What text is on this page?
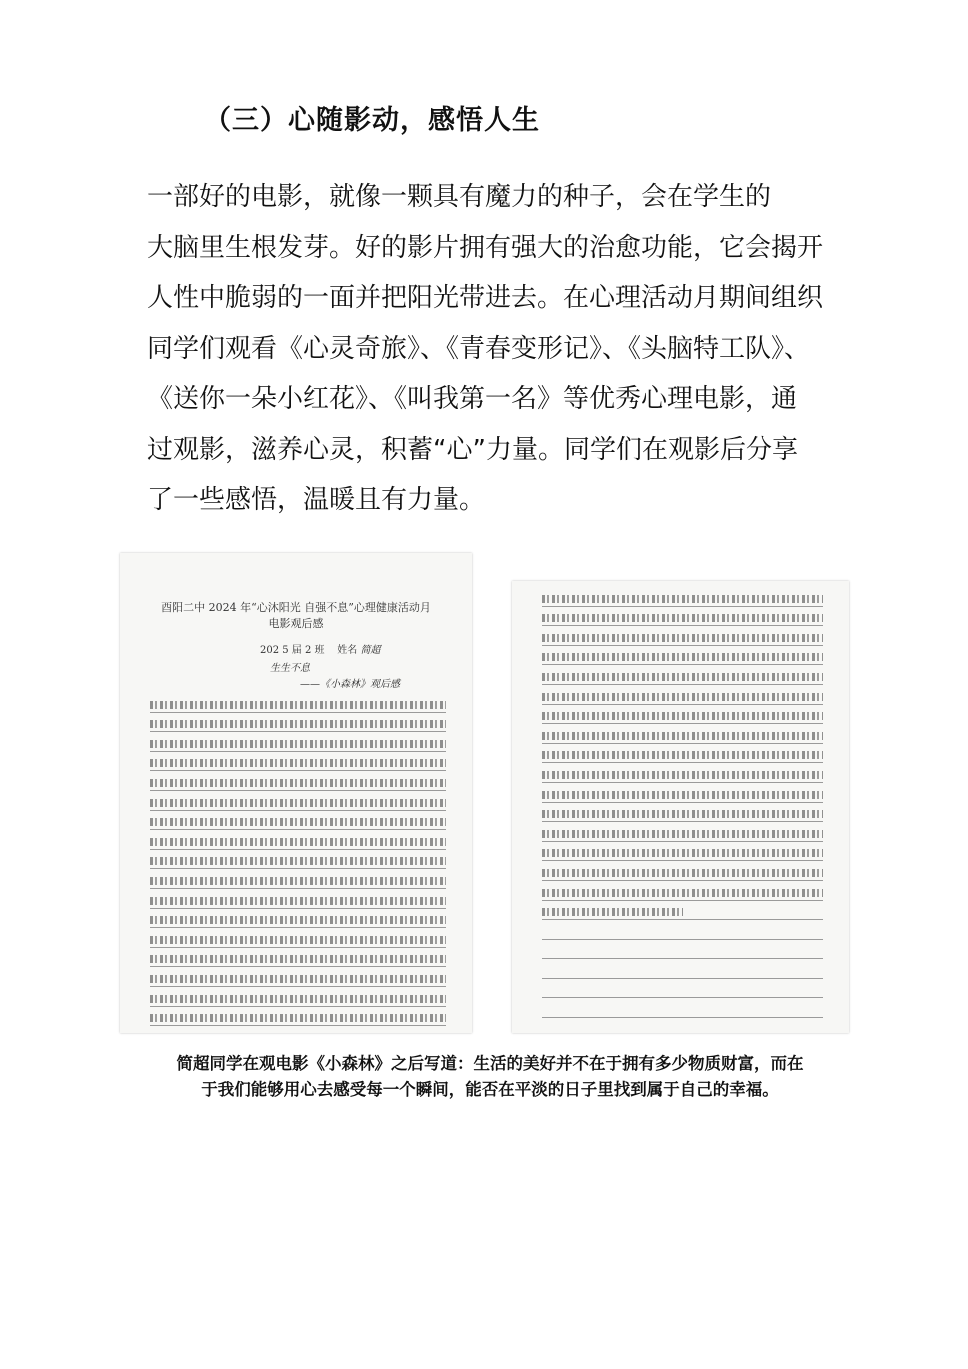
（三）心随影动，感悟人生
一部好的电影，就像一颗具有魔力的种子，会在学生的
大脑里生根发芽。好的影片拥有强大的治愈功能，它会揭开
人性中脆弱的一面并把阳光带进去。在心理活动月期间组织
同学们观看《心灵奇旅》、《青春变形记》、《头脑特工队》、
《送你一朵小红花》、《叫我第一名》等优秀心理电影，通
过观影，滋养心灵，积蓄“心”力量。同学们在观影后分享
了一些感悟，温暖且有力量。
酉阳二中 2024 年“心沐阳光 自强不息”心理健康活动月
电影观后感
202 5 届 2 班 姓名 简超
生生不息
——《小森林》观后感
简超同学在观电影《小森林》之后写道：生活的美好并不在于拥有多少物质财富，而在
于我们能够用心去感受每一个瞬间，能否在平淡的日子里找到属于自己的幸福。
